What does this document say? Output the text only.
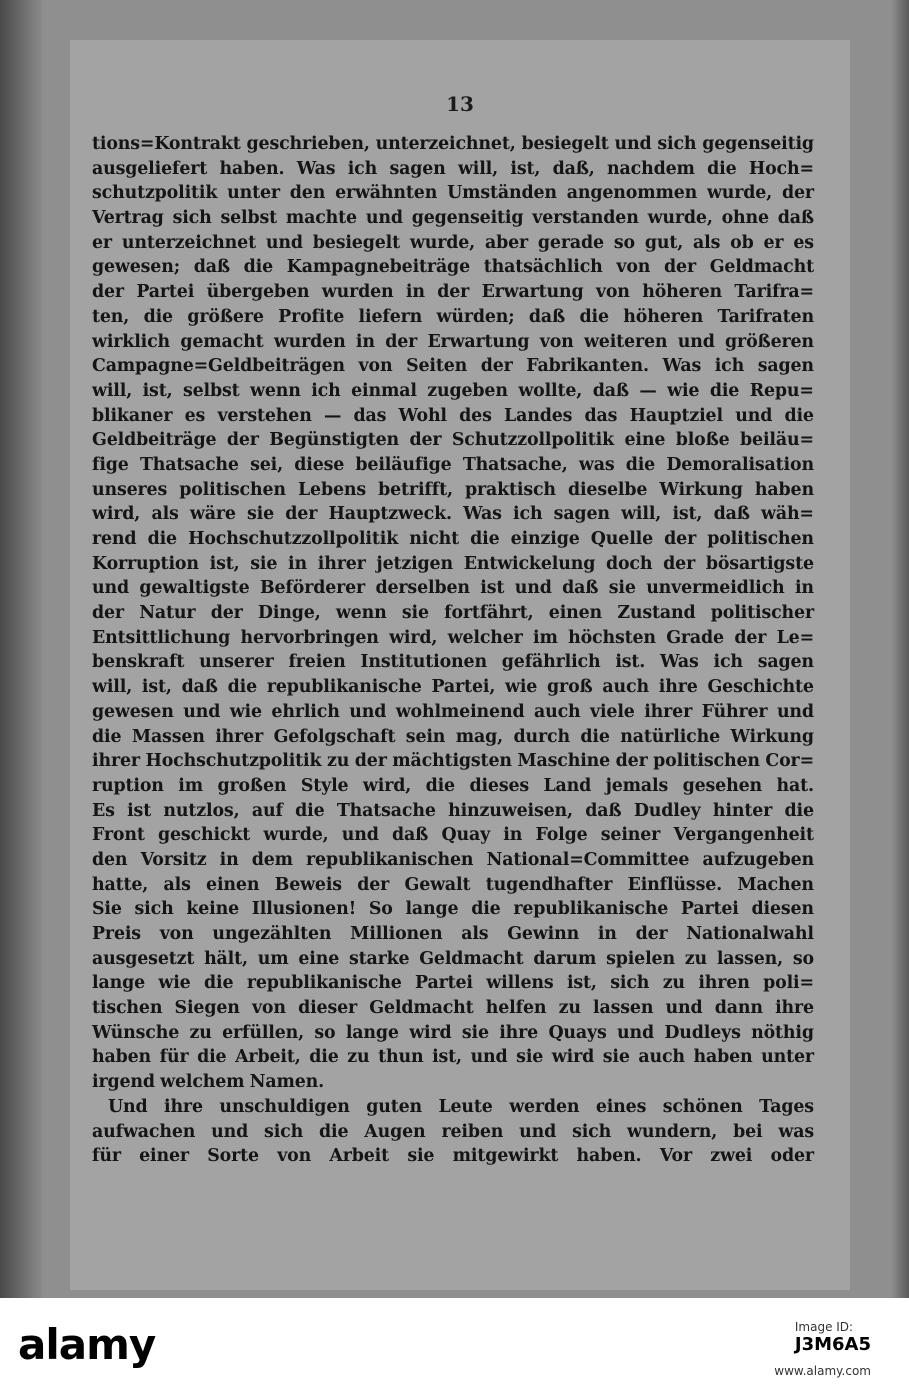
13
tions=Kontrakt geschrieben, unterzeichnet, besiegelt und sich gegenseitig
ausgeliefert haben. Was ich sagen will, ist, daß, nachdem die Hoch=
schutzpolitik unter den erwähnten Umständen angenommen wurde, der
Vertrag sich selbst machte und gegenseitig verstanden wurde, ohne daß
er unterzeichnet und besiegelt wurde, aber gerade so gut, als ob er es
gewesen; daß die Kampagnebeiträge thatsächlich von der Geldmacht
der Partei übergeben wurden in der Erwartung von höheren Tarifra=
ten, die größere Profite liefern würden; daß die höheren Tarifraten
wirklich gemacht wurden in der Erwartung von weiteren und größeren
Campagne=Geldbeiträgen von Seiten der Fabrikanten. Was ich sagen
will, ist, selbst wenn ich einmal zugeben wollte, daß — wie die Repu=
blikaner es verstehen — das Wohl des Landes das Hauptziel und die
Geldbeiträge der Begünstigten der Schutzzollpolitik eine bloße beiläu=
fige Thatsache sei, diese beiläufige Thatsache, was die Demoralisation
unseres politischen Lebens betrifft, praktisch dieselbe Wirkung haben
wird, als wäre sie der Hauptzweck. Was ich sagen will, ist, daß wäh=
rend die Hochschutzzollpolitik nicht die einzige Quelle der politischen
Korruption ist, sie in ihrer jetzigen Entwickelung doch der bösartigste
und gewaltigste Beförderer derselben ist und daß sie unvermeidlich in
der Natur der Dinge, wenn sie fortfährt, einen Zustand politischer
Entsittlichung hervorbringen wird, welcher im höchsten Grade der Le=
benskraft unserer freien Institutionen gefährlich ist. Was ich sagen
will, ist, daß die republikanische Partei, wie groß auch ihre Geschichte
gewesen und wie ehrlich und wohlmeinend auch viele ihrer Führer und
die Massen ihrer Gefolgschaft sein mag, durch die natürliche Wirkung
ihrer Hochschutzpolitik zu der mächtigsten Maschine der politischen Cor=
ruption im großen Style wird, die dieses Land jemals gesehen hat.
Es ist nutzlos, auf die Thatsache hinzuweisen, daß Dudley hinter die
Front geschickt wurde, und daß Quay in Folge seiner Vergangenheit
den Vorsitz in dem republikanischen National=Committee aufzugeben
hatte, als einen Beweis der Gewalt tugendhafter Einflüsse. Machen
Sie sich keine Illusionen! So lange die republikanische Partei diesen
Preis von ungezählten Millionen als Gewinn in der Nationalwahl
ausgesetzt hält, um eine starke Geldmacht darum spielen zu lassen, so
lange wie die republikanische Partei willens ist, sich zu ihren poli=
tischen Siegen von dieser Geldmacht helfen zu lassen und dann ihre
Wünsche zu erfüllen, so lange wird sie ihre Quays und Dudleys nöthig
haben für die Arbeit, die zu thun ist, und sie wird sie auch haben unter
irgend welchem Namen.
Und ihre unschuldigen guten Leute werden eines schönen Tages
aufwachen und sich die Augen reiben und sich wundern, bei was
für einer Sorte von Arbeit sie mitgewirkt haben. Vor zwei oder
alamy	Image ID:
J3M6A5
www.alamy.com
